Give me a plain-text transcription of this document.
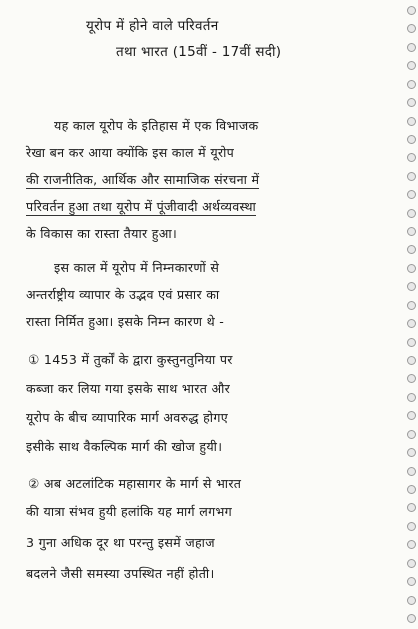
यूरोप में होने वाले परिवर्तन
तथा भारत (15वीं - 17वीं सदी)
यह काल यूरोप के इतिहास में एक विभाजक
रेखा बन कर आया क्योंकि इस काल में यूरोप
की राजनीतिक, आर्थिक और सामाजिक संरचना में
परिवर्तन हुआ तथा यूरोप में पूंजीवादी अर्थव्यवस्था
के विकास का रास्ता तैयार हुआ।
इस काल में यूरोप में निम्नकारणों से
अन्तर्राष्ट्रीय व्यापार के उद्भव एवं प्रसार का
रास्ता निर्मित हुआ। इसके निम्न कारण थे -
① 1453 में तुर्कों के द्वारा कुस्तुनतुनिया पर
कब्जा कर लिया गया इसके साथ भारत और
यूरोप के बीच व्यापारिक मार्ग अवरुद्ध होगए
इसीके साथ वैकल्पिक मार्ग की खोज हुयी।
② अब अटलांटिक महासागर के मार्ग से भारत
की यात्रा संभव हुयी हलांकि यह मार्ग लगभग
3 गुना अधिक दूर था परन्तु इसमें जहाज
बदलने जैसी समस्या उपस्थित नहीं होती।
